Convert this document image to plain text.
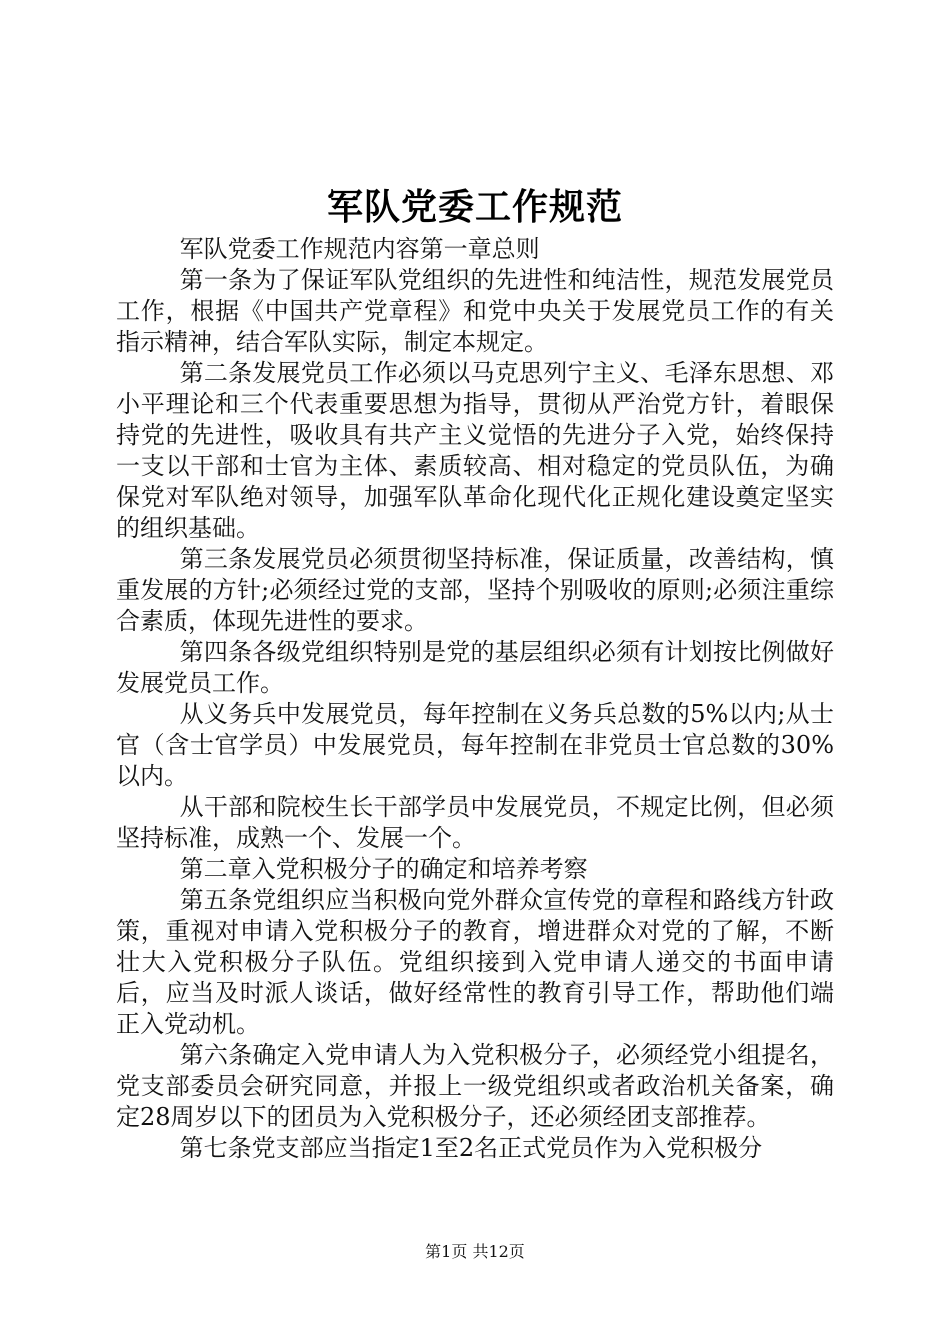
军队党委工作规范

军队党委工作规范内容第一章总则

第一条为了保证军队党组织的先进性和纯洁性，规范发展党员工作，根据《中国共产党章程》和党中央关于发展党员工作的有关指示精神，结合军队实际，制定本规定。

第二条发展党员工作必须以马克思列宁主义、毛泽东思想、邓小平理论和三个代表重要思想为指导，贯彻从严治党方针，着眼保持党的先进性，吸收具有共产主义觉悟的先进分子入党，始终保持一支以干部和士官为主体、素质较高、相对稳定的党员队伍，为确保党对军队绝对领导，加强军队革命化现代化正规化建设奠定坚实的组织基础。

第三条发展党员必须贯彻坚持标准，保证质量，改善结构，慎重发展的方针;必须经过党的支部，坚持个别吸收的原则;必须注重综合素质，体现先进性的要求。

第四条各级党组织特别是党的基层组织必须有计划按比例做好发展党员工作。

从义务兵中发展党员，每年控制在义务兵总数的5%以内;从士官（含士官学员）中发展党员，每年控制在非党员士官总数的30%以内。

从干部和院校生长干部学员中发展党员，不规定比例，但必须坚持标准，成熟一个、发展一个。

第二章入党积极分子的确定和培养考察

第五条党组织应当积极向党外群众宣传党的章程和路线方针政策，重视对申请入党积极分子的教育，增进群众对党的了解，不断壮大入党积极分子队伍。党组织接到入党申请人递交的书面申请后，应当及时派人谈话，做好经常性的教育引导工作，帮助他们端正入党动机。

第六条确定入党申请人为入党积极分子，必须经党小组提名，党支部委员会研究同意，并报上一级党组织或者政治机关备案，确定28周岁以下的团员为入党积极分子，还必须经团支部推荐。

第七条党支部应当指定1至2名正式党员作为入党积极分

第1页 共12页
